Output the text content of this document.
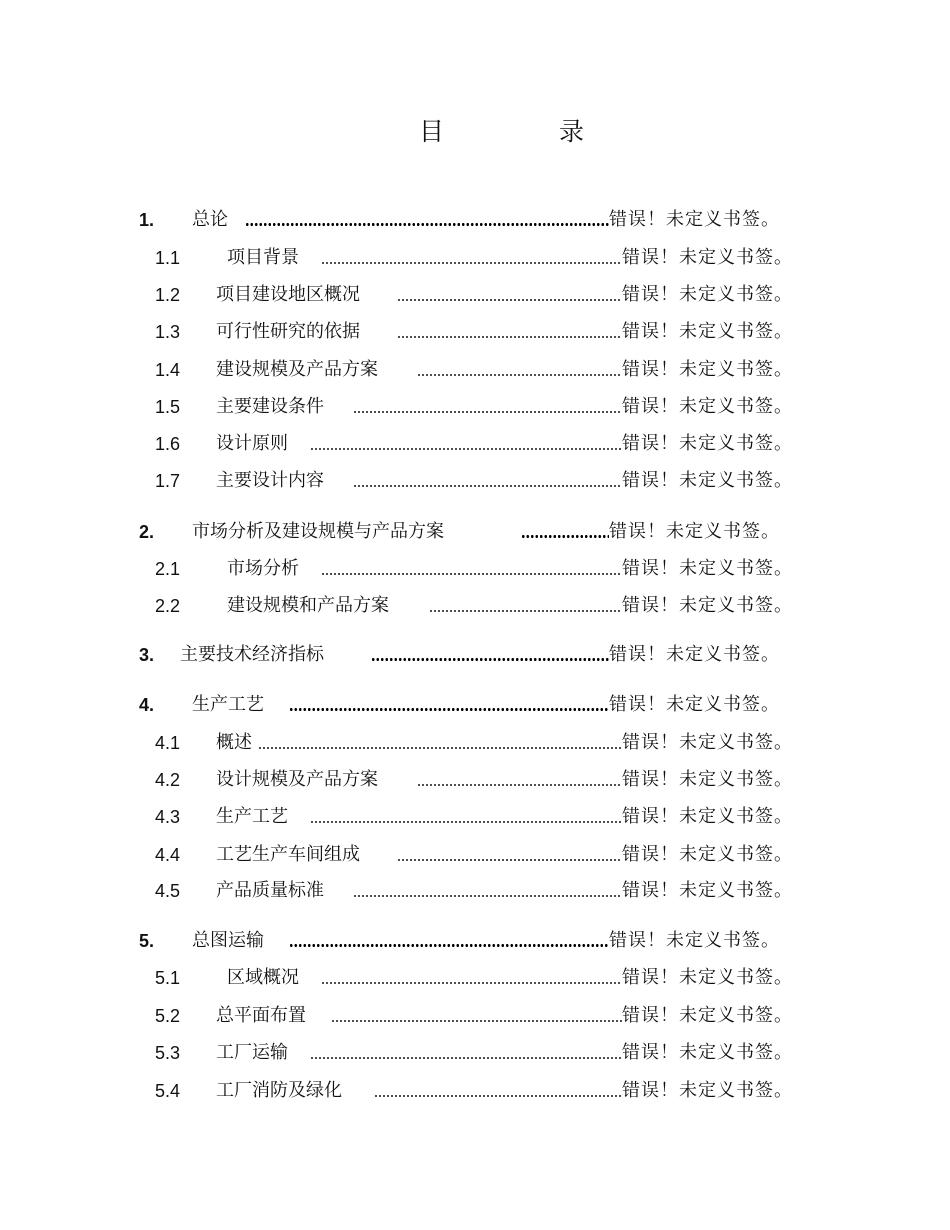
目	录
1. 总论	错误！未定义书签。
1.1	项目背景	错误！未定义书签。
1.2 项目建设地区概况	错误！未定义书签。
1.3 可行性研究的依据	错误！未定义书签。
1.4 建设规模及产品方案	错误！未定义书签。
1.5 主要建设条件	错误！未定义书签。
1.6 设计原则	错误！未定义书签。
1.7 主要设计内容	错误！未定义书签。
2. 市场分析及建设规模与产品方案	错误！未定义书签。
2.1	市场分析	错误！未定义书签。
2.2	建设规模和产品方案	错误！未定义书签。
3. 主要技术经济指标	错误！未定义书签。
4. 生产工艺	错误！未定义书签。
4.1 概述	错误！未定义书签。
4.2 设计规模及产品方案	错误！未定义书签。
4.3 生产工艺	错误！未定义书签。
4.4 工艺生产车间组成	错误！未定义书签。
4.5 产品质量标准	错误！未定义书签。
5. 总图运输	错误！未定义书签。
5.1	区域概况	错误！未定义书签。
5.2 总平面布置	错误！未定义书签。
5.3 工厂运输	错误！未定义书签。
5.4 工厂消防及绿化	错误！未定义书签。
